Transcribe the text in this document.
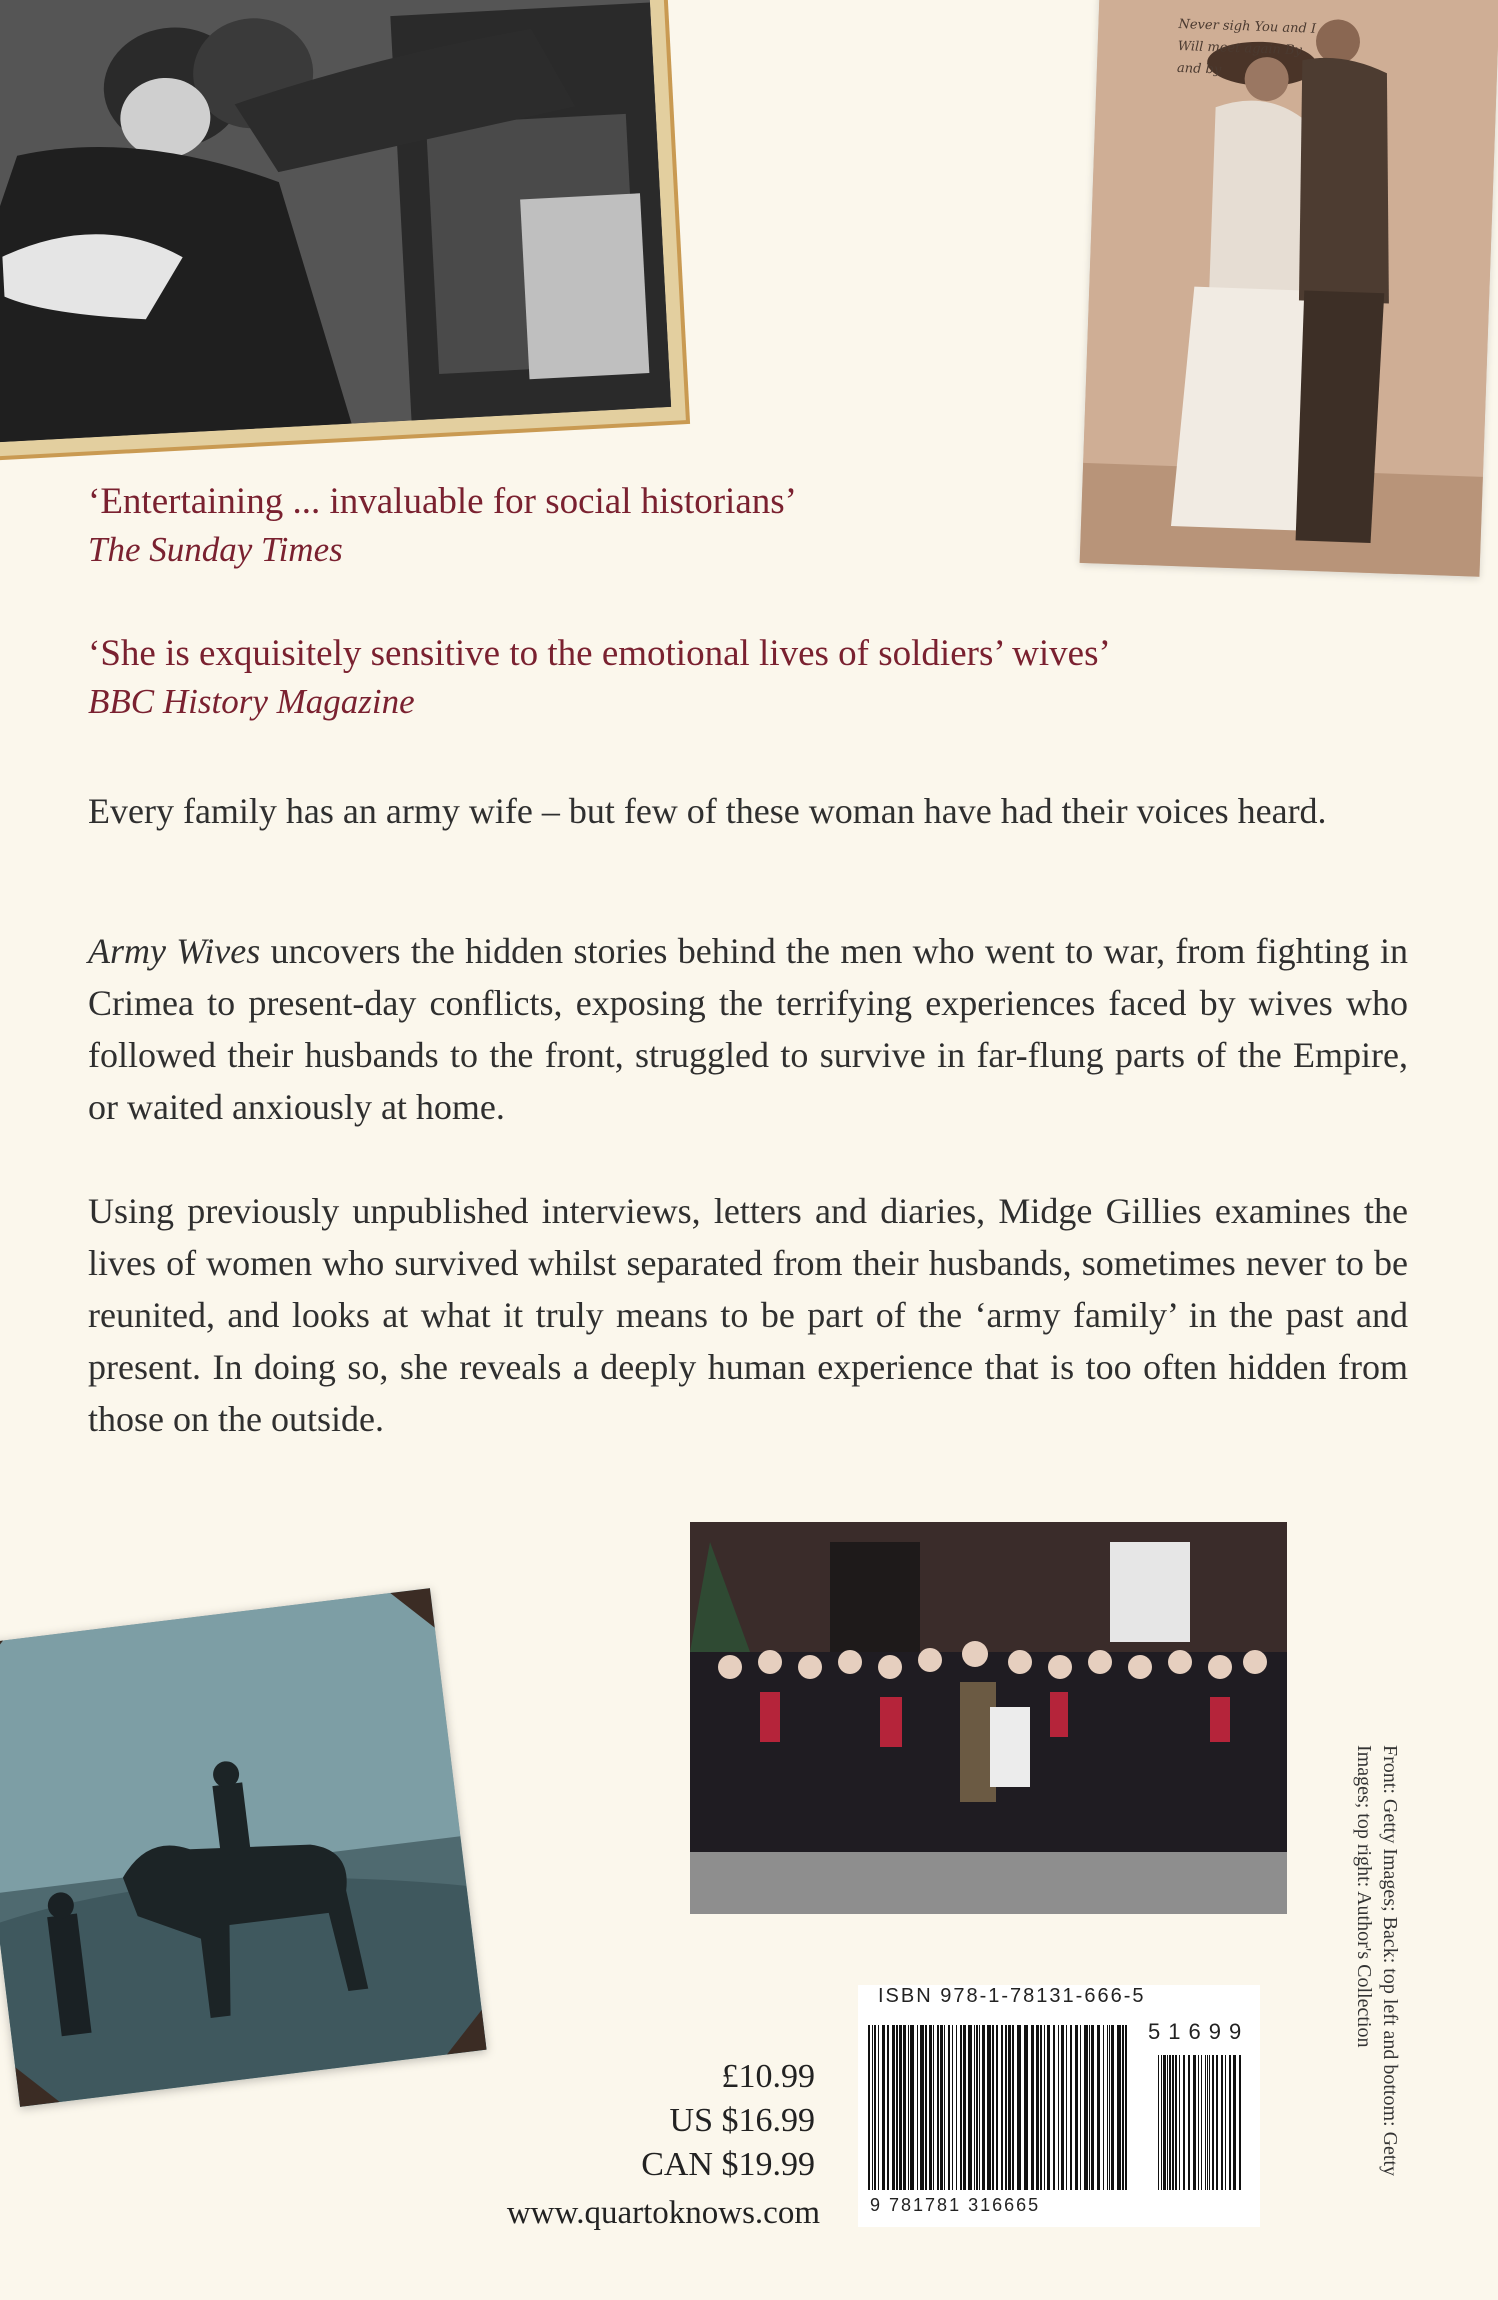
Never sigh You and I Will meet again By and by
‘Entertaining ... invaluable for social historians’
The Sunday Times
‘She is exquisitely sensitive to the emotional lives of soldiers’ wives’
BBC History Magazine

Every family has an army wife – but few of these woman have had their voices heard.

Army Wives uncovers the hidden stories behind the men who went to war, from fighting in Crimea to present-day conflicts, exposing the terrifying experiences faced by wives who followed their husbands to the front, struggled to survive in far-flung parts of the Empire, or waited anxiously at home.

Using previously unpublished interviews, letters and diaries, Midge Gillies examines the lives of women who survived whilst separated from their husbands, sometimes never to be reunited, and looks at what it truly means to be part of the ‘army family’ in the past and present. In doing so, she reveals a deeply human experience that is too often hidden from those on the outside.

£10.99
US $16.99
CAN $19.99
www.quartoknows.com
ISBN 978-1-78131-666-5
51699
9 781781 316665
Front: Getty Images; Back: top left and bottom: Getty Images; top right: Author's Collection
